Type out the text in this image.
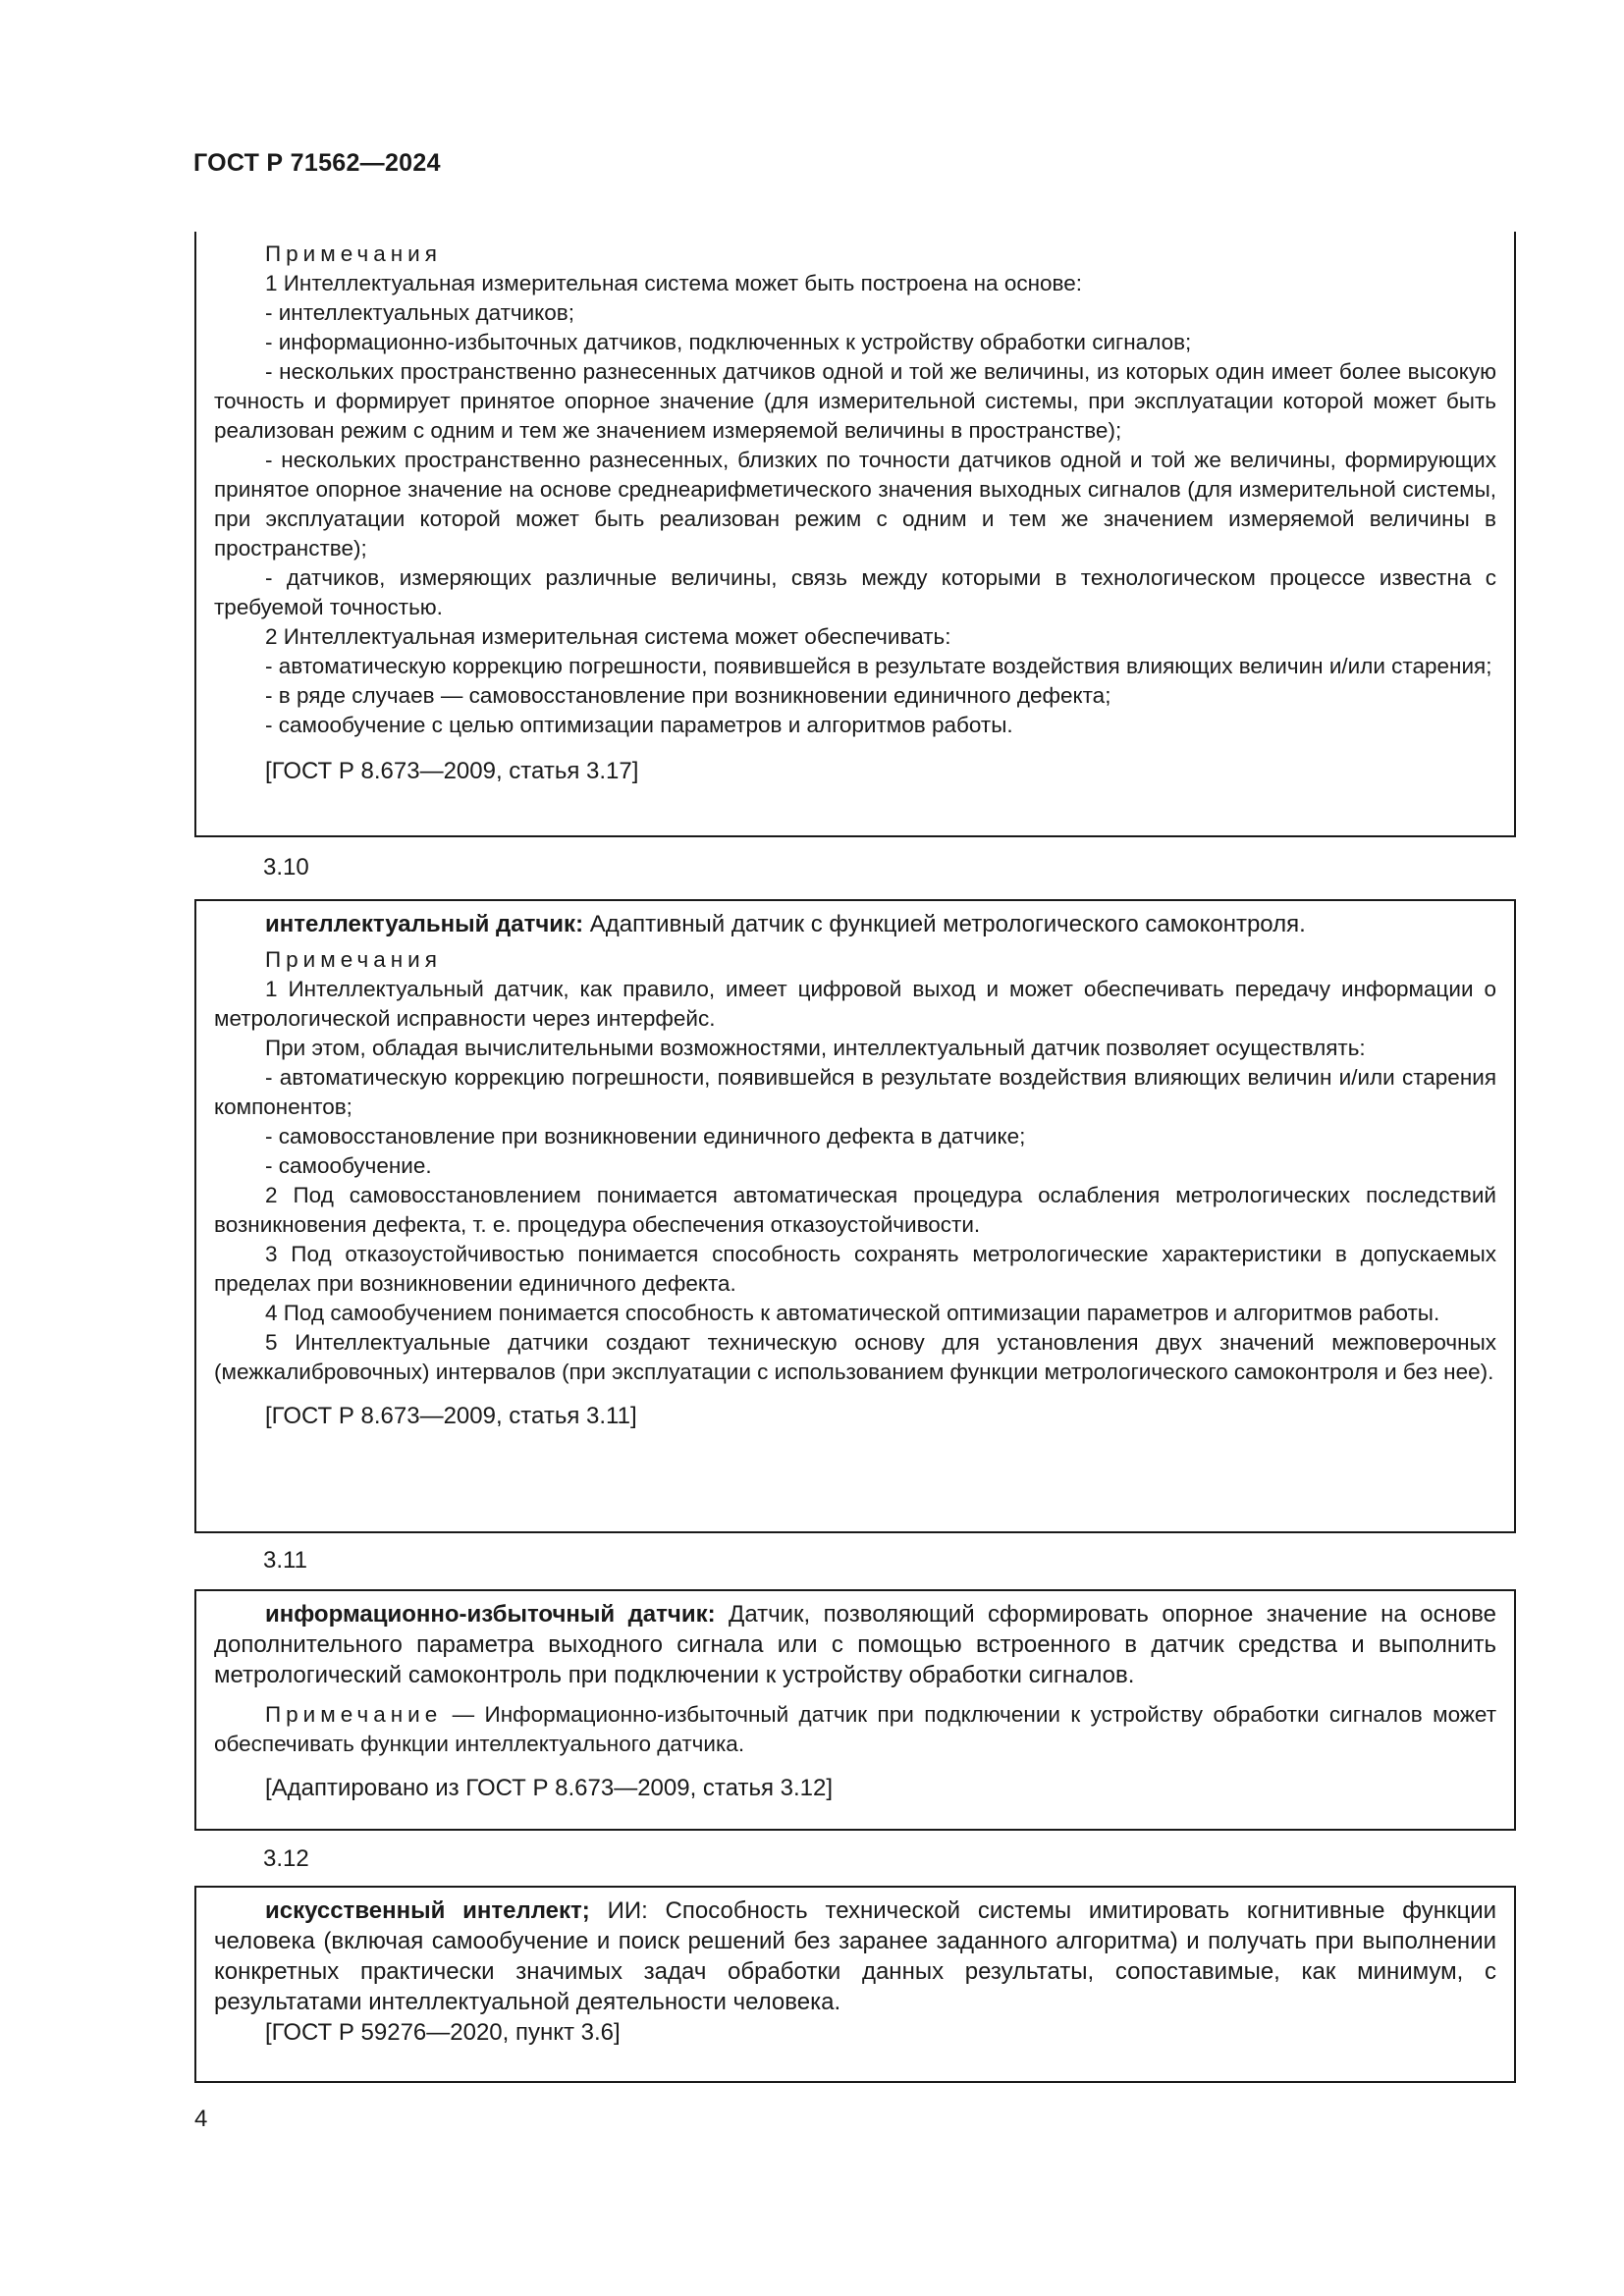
ГОСТ Р 71562—2024

Примечания

1 Интеллектуальная измерительная система может быть построена на основе:

- интеллектуальных датчиков;

- информационно-избыточных датчиков, подключенных к устройству обработки сигналов;

- нескольких пространственно разнесенных датчиков одной и той же величины, из которых один имеет более высокую точность и формирует принятое опорное значение (для измерительной системы, при эксплуатации которой может быть реализован режим с одним и тем же значением измеряемой величины в пространстве);

- нескольких пространственно разнесенных, близких по точности датчиков одной и той же величины, формирующих принятое опорное значение на основе среднеарифметического значения выходных сигналов (для измерительной системы, при эксплуатации которой может быть реализован режим с одним и тем же значением измеряемой величины в пространстве);

- датчиков, измеряющих различные величины, связь между которыми в технологическом процессе известна с требуемой точностью.

2 Интеллектуальная измерительная система может обеспечивать:

- автоматическую коррекцию погрешности, появившейся в результате воздействия влияющих величин и/или старения;

- в ряде случаев — самовосстановление при возникновении единичного дефекта;

- самообучение с целью оптимизации параметров и алгоритмов работы.

[ГОСТ Р 8.673—2009, статья 3.17]

3.10

интеллектуальный датчик: Адаптивный датчик с функцией метрологического самоконтроля.

Примечания

1 Интеллектуальный датчик, как правило, имеет цифровой выход и может обеспечивать передачу информации о метрологической исправности через интерфейс.

При этом, обладая вычислительными возможностями, интеллектуальный датчик позволяет осуществлять:

- автоматическую коррекцию погрешности, появившейся в результате воздействия влияющих величин и/или старения компонентов;

- самовосстановление при возникновении единичного дефекта в датчике;

- самообучение.

2 Под самовосстановлением понимается автоматическая процедура ослабления метрологических последствий возникновения дефекта, т. е. процедура обеспечения отказоустойчивости.

3 Под отказоустойчивостью понимается способность сохранять метрологические характеристики в допускаемых пределах при возникновении единичного дефекта.

4 Под самообучением понимается способность к автоматической оптимизации параметров и алгоритмов работы.

5 Интеллектуальные датчики создают техническую основу для установления двух значений межповерочных (межкалибровочных) интервалов (при эксплуатации с использованием функции метрологического самоконтроля и без нее).

[ГОСТ Р 8.673—2009, статья 3.11]

3.11

информационно-избыточный датчик: Датчик, позволяющий сформировать опорное значение на основе дополнительного параметра выходного сигнала или с помощью встроенного в датчик средства и выполнить метрологический самоконтроль при подключении к устройству обработки сигналов.

Примечание — Информационно-избыточный датчик при подключении к устройству обработки сигналов может обеспечивать функции интеллектуального датчика.

[Адаптировано из ГОСТ Р 8.673—2009, статья 3.12]

3.12

искусственный интеллект; ИИ: Способность технической системы имитировать когнитивные функции человека (включая самообучение и поиск решений без заранее заданного алгоритма) и получать при выполнении конкретных практически значимых задач обработки данных результаты, сопоставимые, как минимум, с результатами интеллектуальной деятельности человека.

[ГОСТ Р 59276—2020, пункт 3.6]

4
